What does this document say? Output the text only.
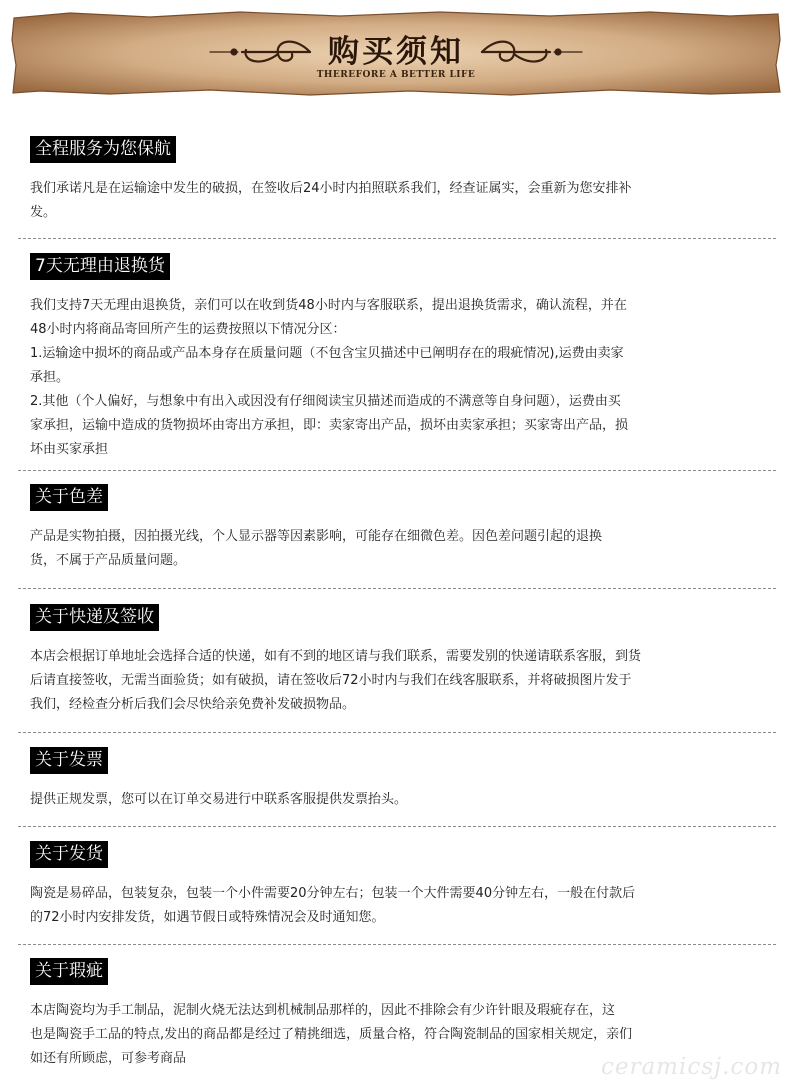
购买须知
THEREFORE A BETTER LIFE
全程服务为您保航
我们承诺凡是在运输途中发生的破损，在签收后24小时内拍照联系我们，经查证属实，会重新为您安排补
发。
7天无理由退换货
我们支持7天无理由退换货，亲们可以在收到货48小时内与客服联系，提出退换货需求，确认流程，并在
48小时内将商品寄回所产生的运费按照以下情况分区：
1.运输途中损坏的商品或产品本身存在质量问题（不包含宝贝描述中已阐明存在的瑕疵情况),运费由卖家
承担。
2.其他（个人偏好，与想象中有出入或因没有仔细阅读宝贝描述而造成的不满意等自身问题），运费由买
家承担，运输中造成的货物损坏由寄出方承担，即：卖家寄出产品，损坏由卖家承担；买家寄出产品，损
坏由买家承担
关于色差
产品是实物拍摄，因拍摄光线，个人显示器等因素影响，可能存在细微色差。因色差问题引起的退换
货，不属于产品质量问题。
关于快递及签收
本店会根据订单地址会选择合适的快递，如有不到的地区请与我们联系，需要发别的快递请联系客服，到货
后请直接签收，无需当面验货；如有破损，请在签收后72小时内与我们在线客服联系，并将破损图片发于
我们，经检查分析后我们会尽快给亲免费补发破损物品。
关于发票
提供正规发票，您可以在订单交易进行中联系客服提供发票抬头。
关于发货
陶瓷是易碎品，包装复杂，包装一个小件需要20分钟左右；包装一个大件需要40分钟左右，一般在付款后
的72小时内安排发货，如遇节假日或特殊情况会及时通知您。
关于瑕疵
本店陶瓷均为手工制品，泥制火烧无法达到机械制品那样的，因此不排除会有少许针眼及瑕疵存在，这
也是陶瓷手工品的特点,发出的商品都是经过了精挑细选，质量合格，符合陶瓷制品的国家相关规定，亲们
如还有所顾虑，可参考商品	ceramicsj.com
